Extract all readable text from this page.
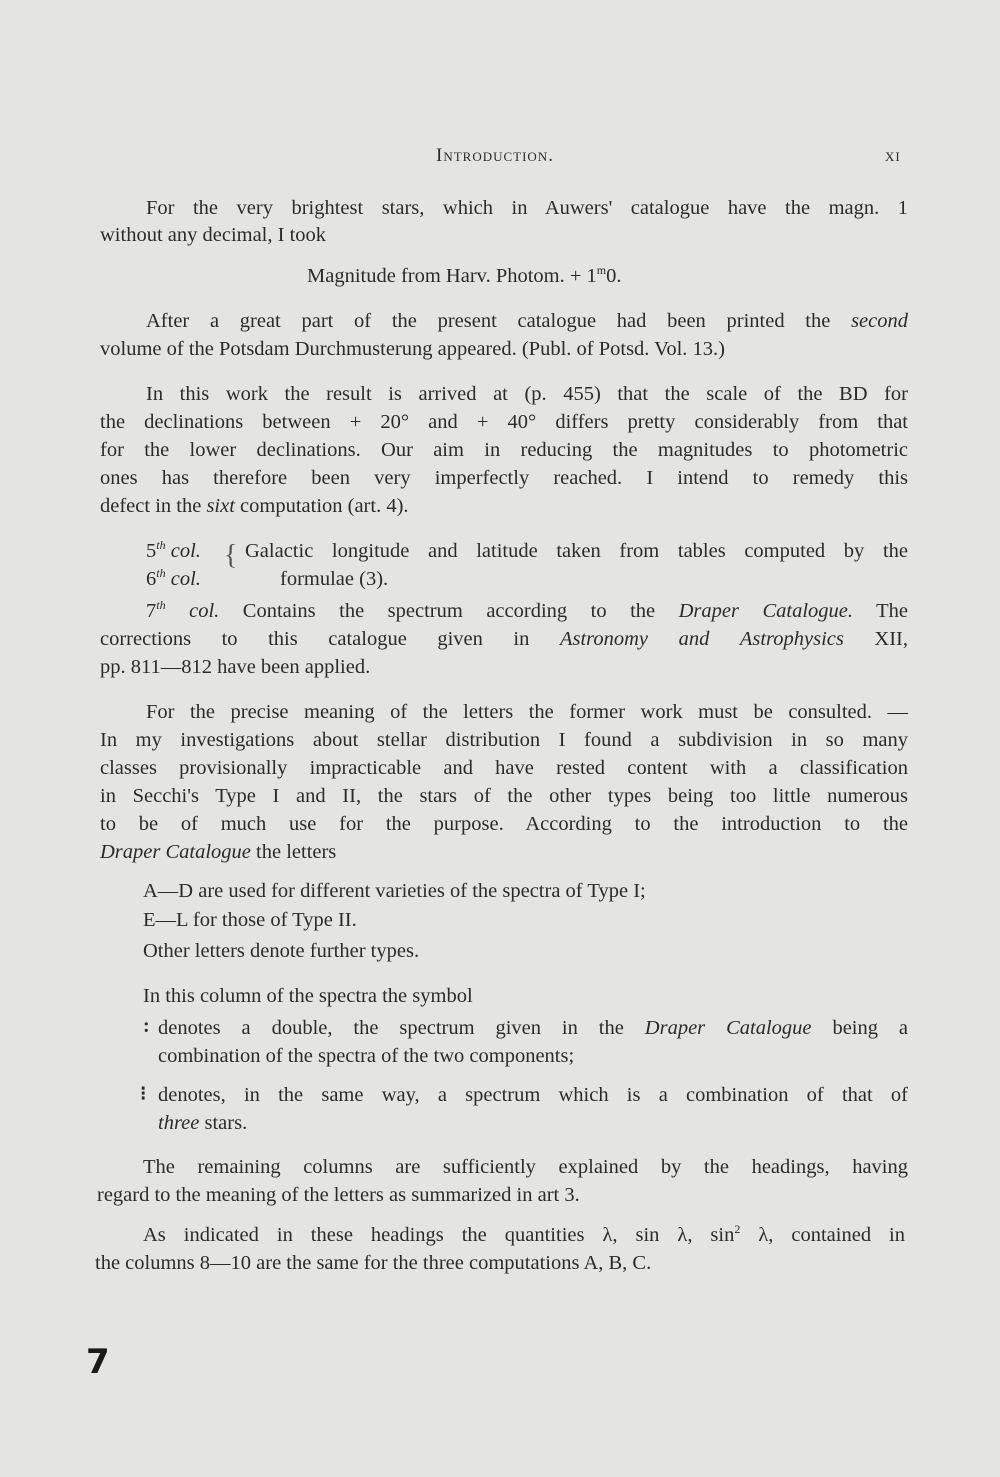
Introduction.	xi
For the very brightest stars, which in Auwers' catalogue have the magn. 1
without any decimal, I took
Magnitude from Harv. Photom. + $1^m0$.
After a great part of the present catalogue had been printed the second
volume of the Potsdam Durchmusterung appeared. (Publ. of Potsd. Vol. 13.)
In this work the result is arrived at (p. 455) that the scale of the BD for
the declinations between + 20° and + 40° differs pretty considerably from that
for the lower declinations. Our aim in reducing the magnitudes to photometric
ones has therefore been very imperfectly reached. I intend to remedy this
defect in the sixt computation (art. 4).
5th col.
6th col.
{ Galactic longitude and latitude taken from tables computed by the
formulae (3).
7th col. Contains the spectrum according to the Draper Catalogue. The
corrections to this catalogue given in Astronomy and Astrophysics XII,
pp. 811—812 have been applied.
For the precise meaning of the letters the former work must be consulted. —
In my investigations about stellar distribution I found a subdivision in so many
classes provisionally impracticable and have rested content with a classification
in Secchi's Type I and II, the stars of the other types being too little numerous
to be of much use for the purpose. According to the introduction to the
Draper Catalogue the letters
A—D are used for different varieties of the spectra of Type I;
E—L for those of Type II.
Other letters denote further types.
In this column of the spectra the symbol
: denotes a double, the spectrum given in the Draper Catalogue being a
combination of the spectra of the two components;
⁝ denotes, in the same way, a spectrum which is a combination of that of
three stars.
The remaining columns are sufficiently explained by the headings, having
regard to the meaning of the letters as summarized in art 3.
As indicated in these headings the quantities λ, sin λ, $\sin^2 \lambda$, contained in
the columns 8—10 are the same for the three computations A, B, C.
7
